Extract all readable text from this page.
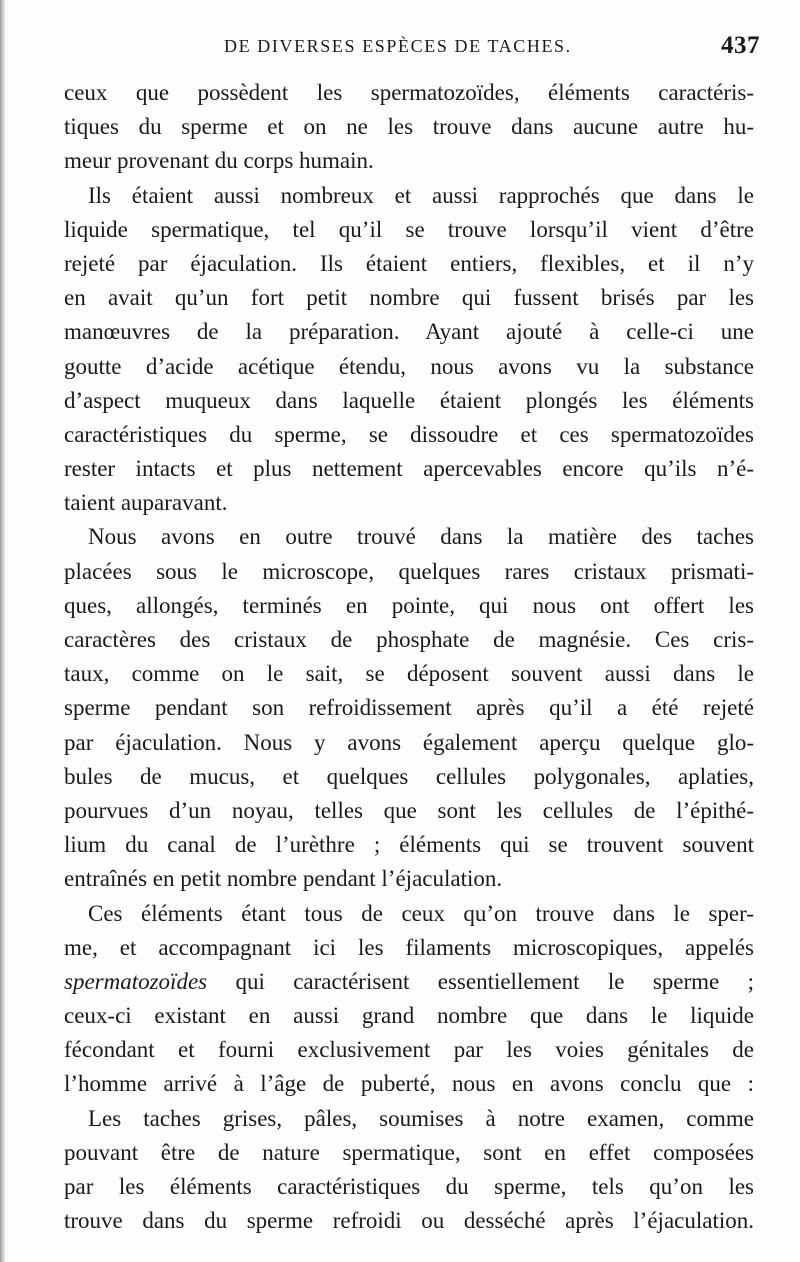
DE DIVERSES ESPÈCES DE TACHES.	437
ceux que possèdent les spermatozoïdes, éléments caractéris-
tiques du sperme et on ne les trouve dans aucune autre hu-
meur provenant du corps humain.
Ils étaient aussi nombreux et aussi rapprochés que dans le
liquide spermatique, tel qu’il se trouve lorsqu’il vient d’être
rejeté par éjaculation. Ils étaient entiers, flexibles, et il n’y
en avait qu’un fort petit nombre qui fussent brisés par les
manœuvres de la préparation. Ayant ajouté à celle-ci une
goutte d’acide acétique étendu, nous avons vu la substance
d’aspect muqueux dans laquelle étaient plongés les éléments
caractéristiques du sperme, se dissoudre et ces spermatozoïdes
rester intacts et plus nettement apercevables encore qu’ils n’é-
taient auparavant.
Nous avons en outre trouvé dans la matière des taches
placées sous le microscope, quelques rares cristaux prismati-
ques, allongés, terminés en pointe, qui nous ont offert les
caractères des cristaux de phosphate de magnésie. Ces cris-
taux, comme on le sait, se déposent souvent aussi dans le
sperme pendant son refroidissement après qu’il a été rejeté
par éjaculation. Nous y avons également aperçu quelque glo-
bules de mucus, et quelques cellules polygonales, aplaties,
pourvues d’un noyau, telles que sont les cellules de l’épithé-
lium du canal de l’urèthre ; éléments qui se trouvent souvent
entraînés en petit nombre pendant l’éjaculation.
Ces éléments étant tous de ceux qu’on trouve dans le sper-
me, et accompagnant ici les filaments microscopiques, appelés
spermatozoïdes qui caractérisent essentiellement le sperme ;
ceux-ci existant en aussi grand nombre que dans le liquide
fécondant et fourni exclusivement par les voies génitales de
l’homme arrivé à l’âge de puberté, nous en avons conclu que :
Les taches grises, pâles, soumises à notre examen, comme
pouvant être de nature spermatique, sont en effet composées
par les éléments caractéristiques du sperme, tels qu’on les
trouve dans du sperme refroidi ou desséché après l’éjaculation.
